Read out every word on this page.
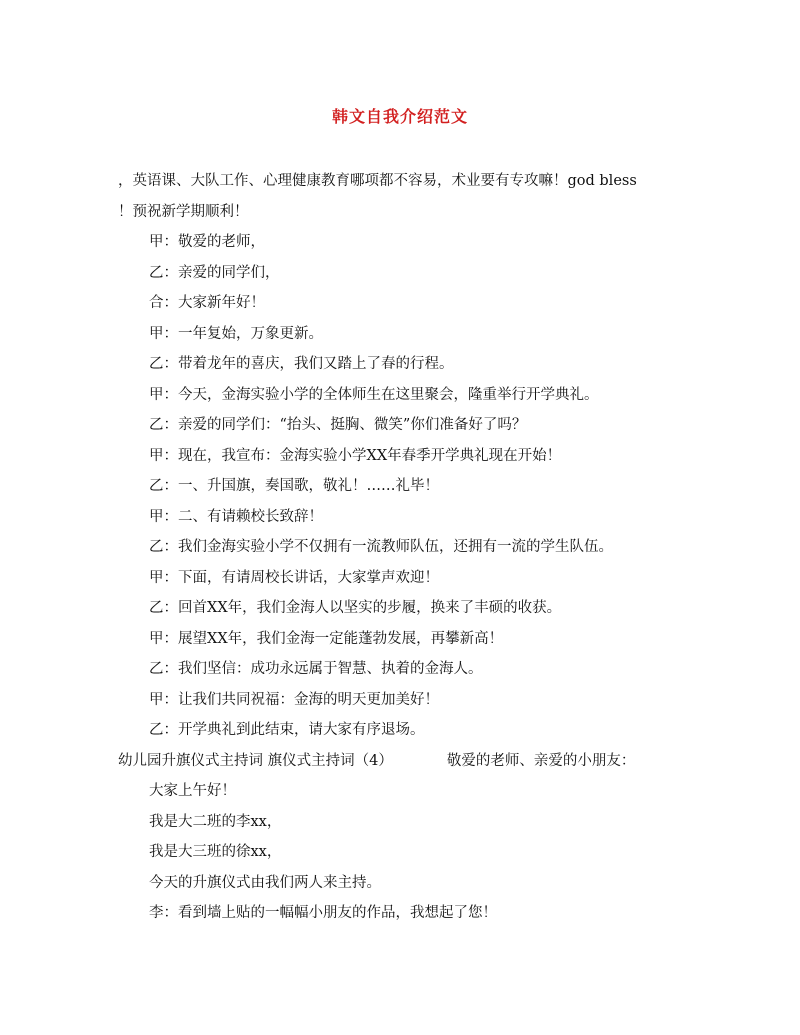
韩文自我介绍范文
，英语课、大队工作、心理健康教育哪项都不容易，术业要有专攻嘛！god bless
！预祝新学期顺利！
甲：敬爱的老师，
乙：亲爱的同学们，
合：大家新年好！
甲：一年复始，万象更新。
乙：带着龙年的喜庆，我们又踏上了春的行程。
甲：今天，金海实验小学的全体师生在这里聚会，隆重举行开学典礼。
乙：亲爱的同学们：“抬头、挺胸、微笑”你们准备好了吗？
甲：现在，我宣布：金海实验小学XX年春季开学典礼现在开始！
乙：一、升国旗，奏国歌，敬礼！……礼毕！
甲：二、有请赖校长致辞！
乙：我们金海实验小学不仅拥有一流教师队伍，还拥有一流的学生队伍。
甲：下面，有请周校长讲话，大家掌声欢迎！
乙：回首XX年，我们金海人以坚实的步履，换来了丰硕的收获。
甲：展望XX年，我们金海一定能蓬勃发展，再攀新高！
乙：我们坚信：成功永远属于智慧、执着的金海人。
甲：让我们共同祝福：金海的明天更加美好！
乙：开学典礼到此结束，请大家有序退场。
幼儿园升旗仪式主持词 旗仪式主持词（4）	敬爱的老师、亲爱的小朋友：
大家上午好！
我是大二班的李xx，
我是大三班的徐xx，
今天的升旗仪式由我们两人来主持。
李：看到墙上贴的一幅幅小朋友的作品，我想起了您！
